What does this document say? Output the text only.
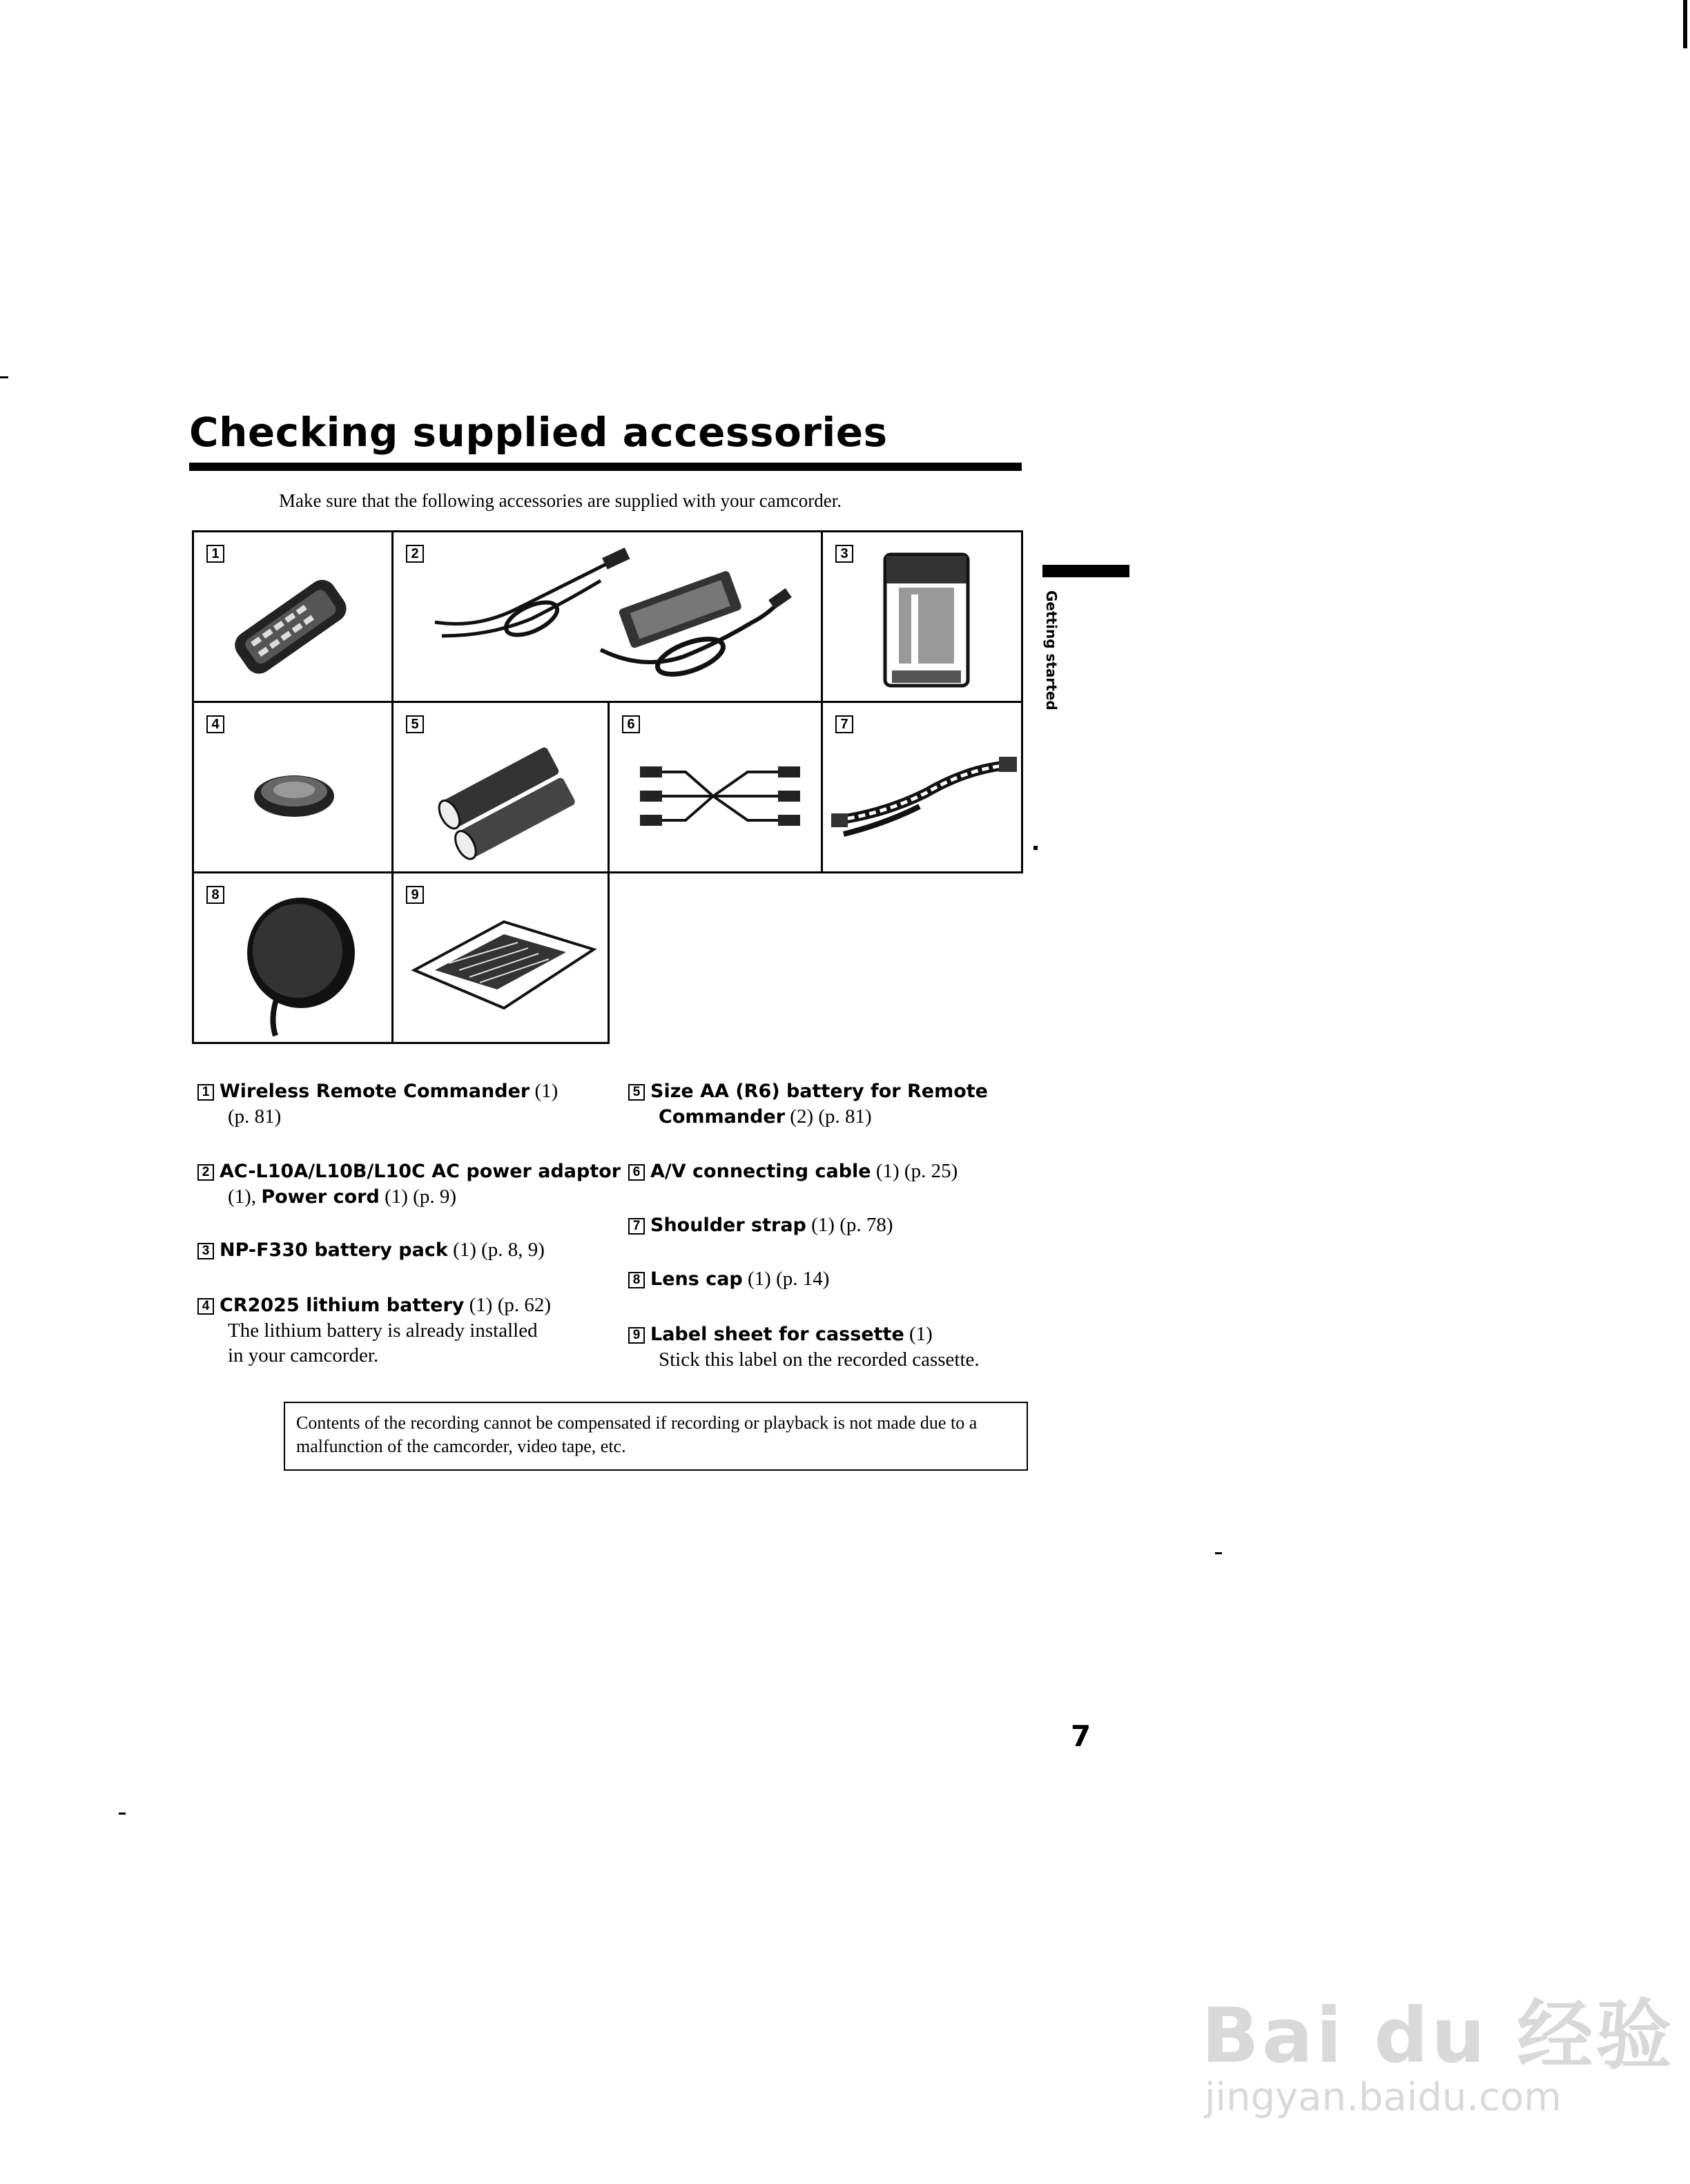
Checking supplied accessories
Make sure that the following accessories are supplied with your camcorder.
1	2	3
4	5	6	7
8	9
Getting started
1 Wireless Remote Commander (1)
(p. 81)
2 AC-L10A/L10B/L10C AC power adaptor
(1), Power cord (1) (p. 9)
3 NP-F330 battery pack (1) (p. 8, 9)
4 CR2025 lithium battery (1) (p. 62)
The lithium battery is already installed
in your camcorder.
5 Size AA (R6) battery for Remote
Commander (2) (p. 81)
6 A/V connecting cable (1) (p. 25)
7 Shoulder strap (1) (p. 78)
8 Lens cap (1) (p. 14)
9 Label sheet for cassette (1)
Stick this label on the recorded cassette.
Contents of the recording cannot be compensated if recording or playback is not made due to a malfunction of the camcorder, video tape, etc.
7
Bai du 经验
jingyan.baidu.com
